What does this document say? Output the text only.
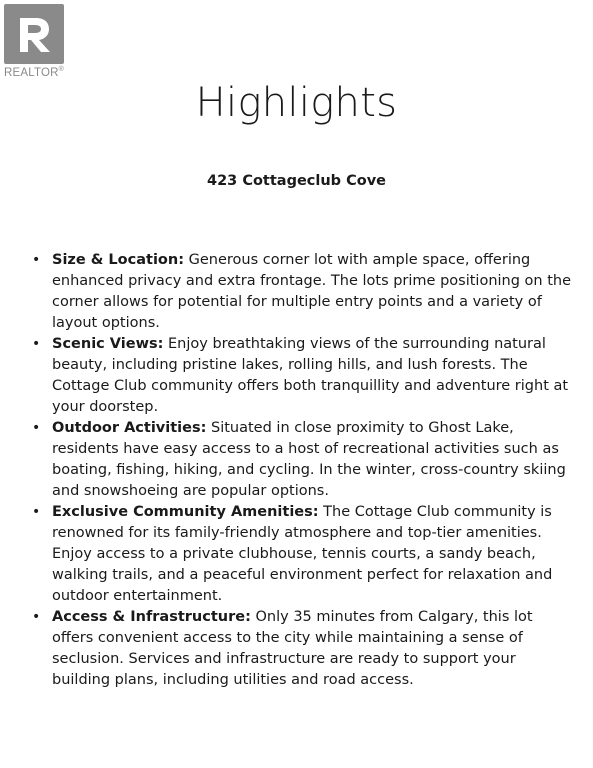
REALTOR®
Highlights
423 Cottageclub Cove
• Size & Location: Generous corner lot with ample space, offering enhanced privacy and extra frontage. The lots prime positioning on the corner allows for potential for multiple entry points and a variety of layout options.
• Scenic Views: Enjoy breathtaking views of the surrounding natural beauty, including pristine lakes, rolling hills, and lush forests. The Cottage Club community offers both tranquillity and adventure right at your doorstep.
• Outdoor Activities: Situated in close proximity to Ghost Lake, residents have easy access to a host of recreational activities such as boating, fishing, hiking, and cycling. In the winter, cross-country skiing and snowshoeing are popular options.
• Exclusive Community Amenities: The Cottage Club community is renowned for its family-friendly atmosphere and top-tier amenities. Enjoy access to a private clubhouse, tennis courts, a sandy beach, walking trails, and a peaceful environment perfect for relaxation and outdoor entertainment.
• Access & Infrastructure: Only 35 minutes from Calgary, this lot offers convenient access to the city while maintaining a sense of seclusion. Services and infrastructure are ready to support your building plans, including utilities and road access.
